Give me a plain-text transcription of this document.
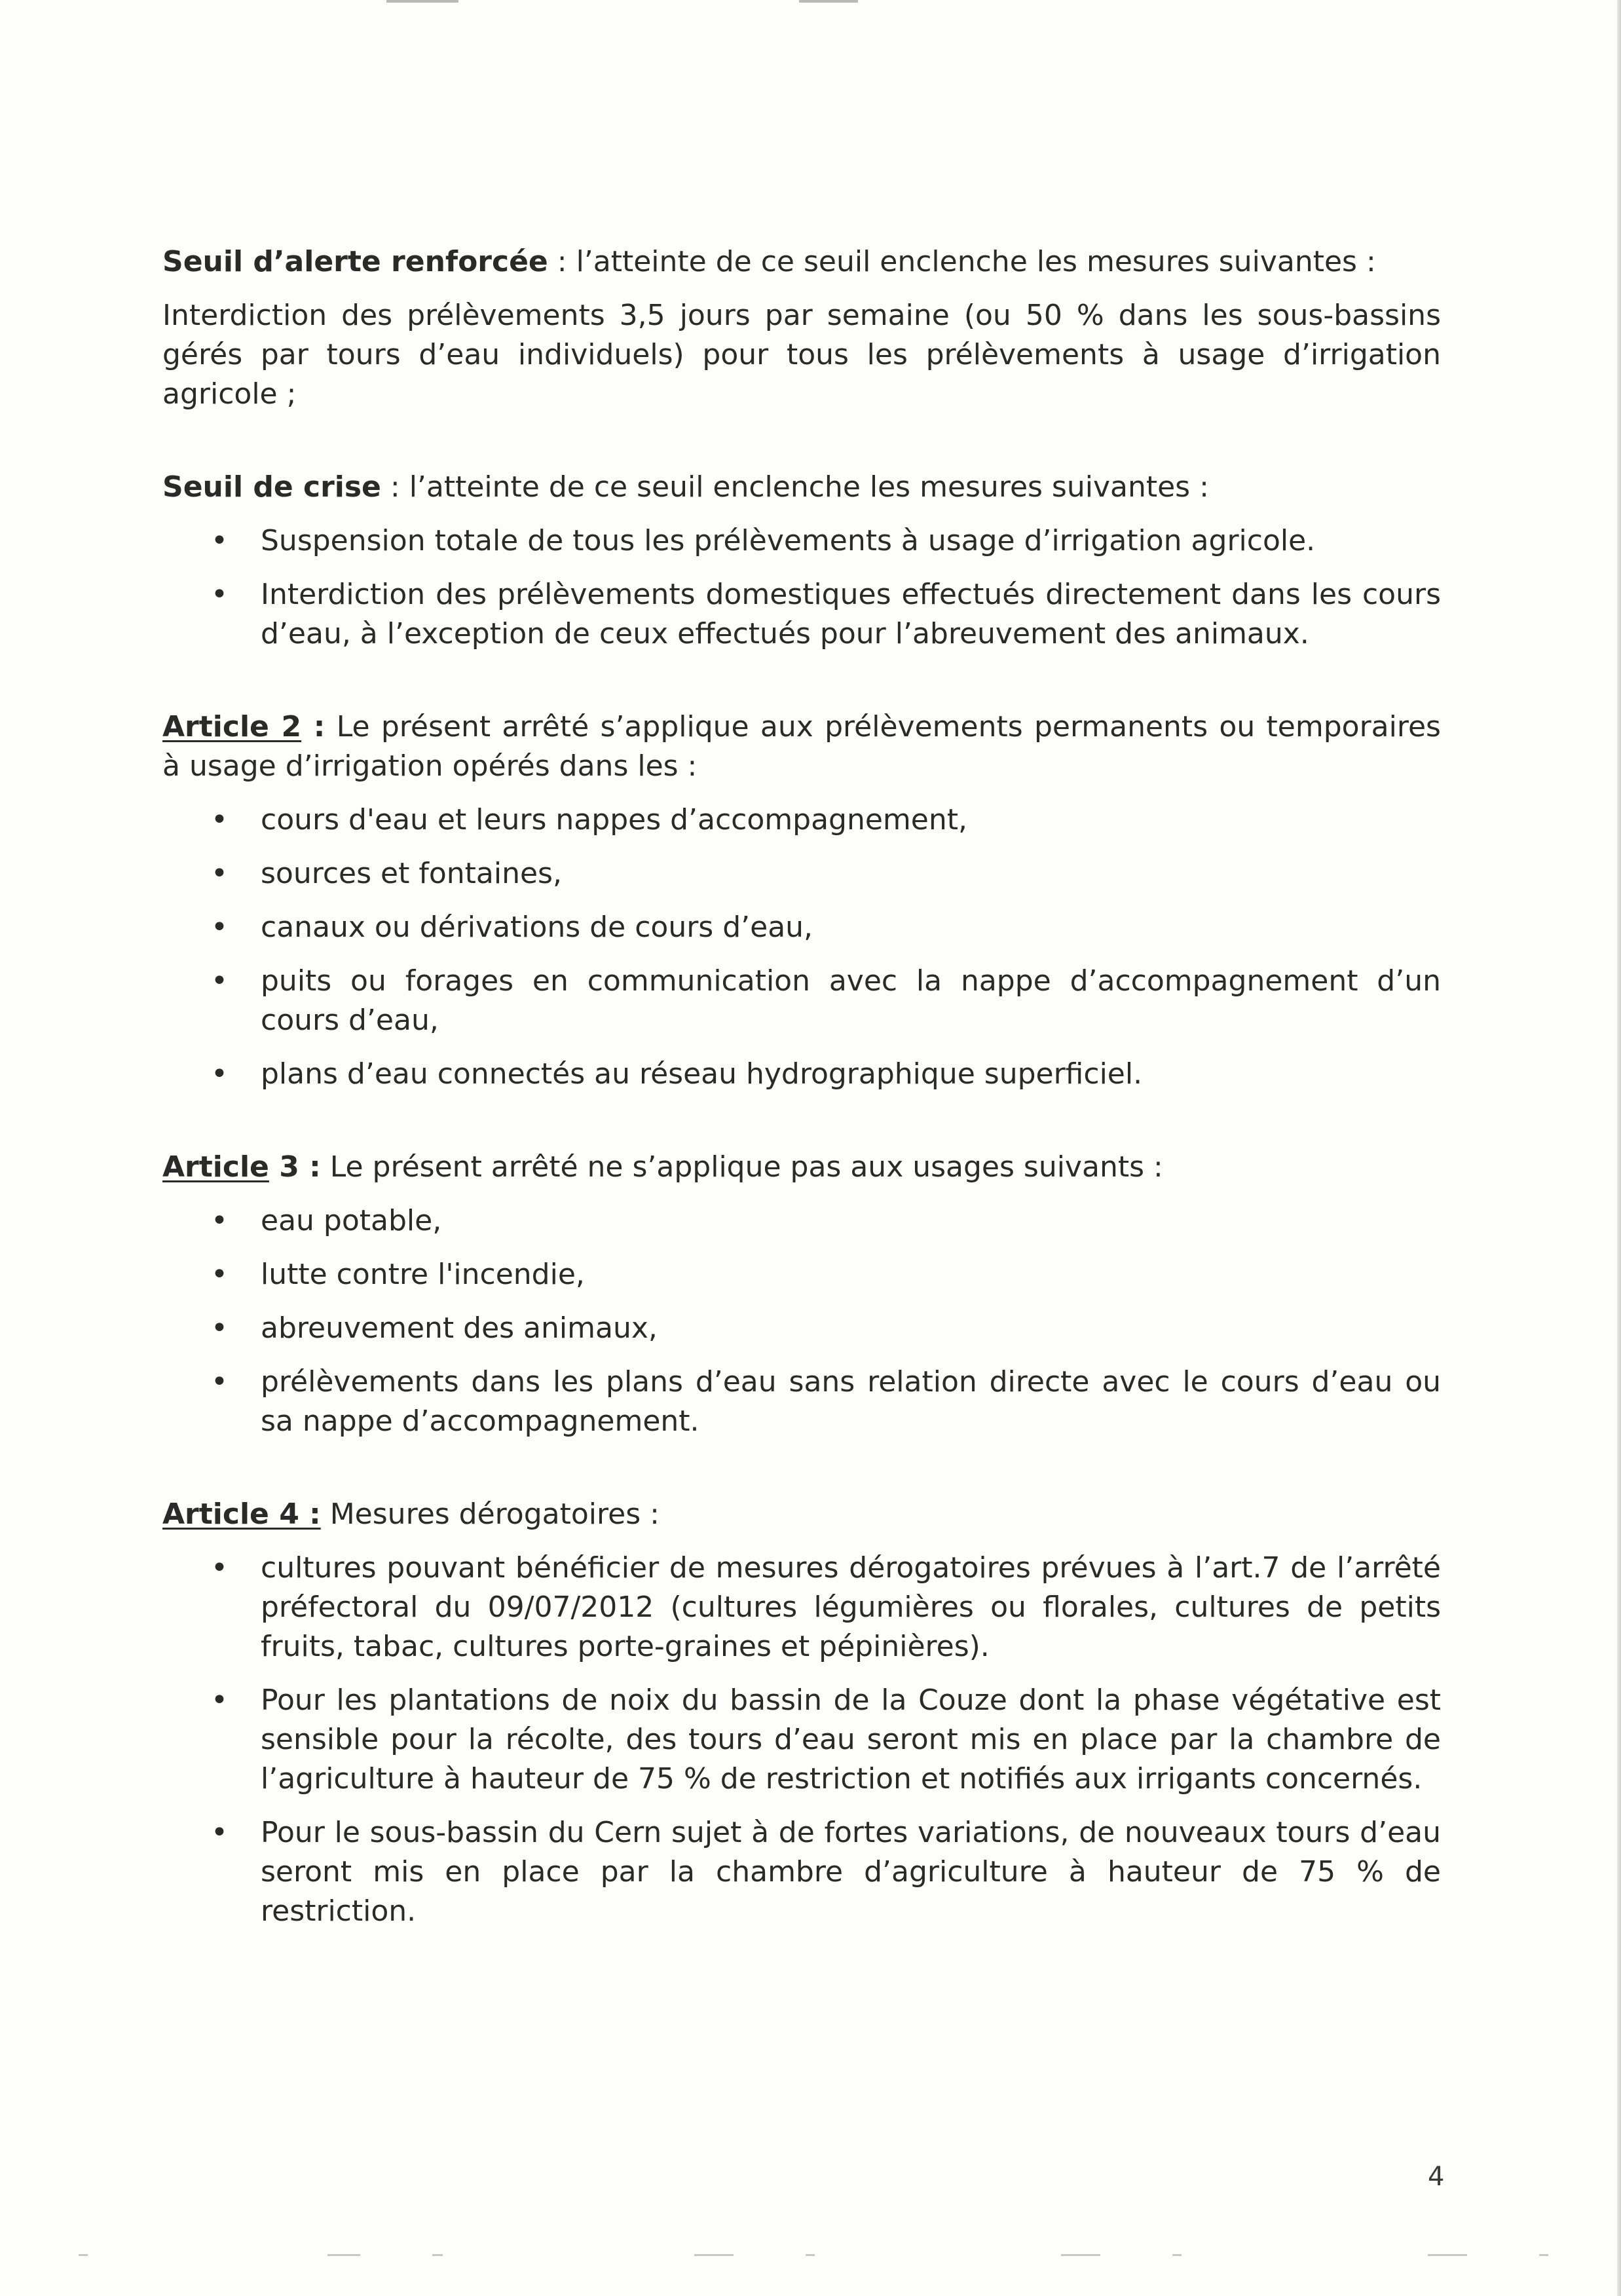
Seuil d’alerte renforcée : l’atteinte de ce seuil enclenche les mesures suivantes :

Interdiction des prélèvements 3,5 jours par semaine (ou 50 % dans les sous-bassins gérés par tours d’eau individuels) pour tous les prélèvements à usage d’irrigation agricole ;

Seuil de crise : l’atteinte de ce seuil enclenche les mesures suivantes :

• Suspension totale de tous les prélèvements à usage d’irrigation agricole.
• Interdiction des prélèvements domestiques effectués directement dans les cours d’eau, à l’exception de ceux effectués pour l’abreuvement des animaux.

Article 2 : Le présent arrêté s’applique aux prélèvements permanents ou temporaires à usage d’irrigation opérés dans les :

• cours d'eau et leurs nappes d’accompagnement,
• sources et fontaines,
• canaux ou dérivations de cours d’eau,
• puits ou forages en communication avec la nappe d’accompagnement d’un cours d’eau,
• plans d’eau connectés au réseau hydrographique superficiel.

Article 3 : Le présent arrêté ne s’applique pas aux usages suivants :

• eau potable,
• lutte contre l'incendie,
• abreuvement des animaux,
• prélèvements dans les plans d’eau sans relation directe avec le cours d’eau ou sa nappe d’accompagnement.

Article 4 : Mesures dérogatoires :

• cultures pouvant bénéficier de mesures dérogatoires prévues à l’art.7 de l’arrêté préfectoral du 09/07/2012 (cultures légumières ou florales, cultures de petits fruits, tabac, cultures porte-graines et pépinières).
• Pour les plantations de noix du bassin de la Couze dont la phase végétative est sensible pour la récolte, des tours d’eau seront mis en place par la chambre de l’agriculture à hauteur de 75 % de restriction et notifiés aux irrigants concernés.
• Pour le sous-bassin du Cern sujet à de fortes variations, de nouveaux tours d’eau seront mis en place par la chambre d’agriculture à hauteur de 75 % de restriction.
4
